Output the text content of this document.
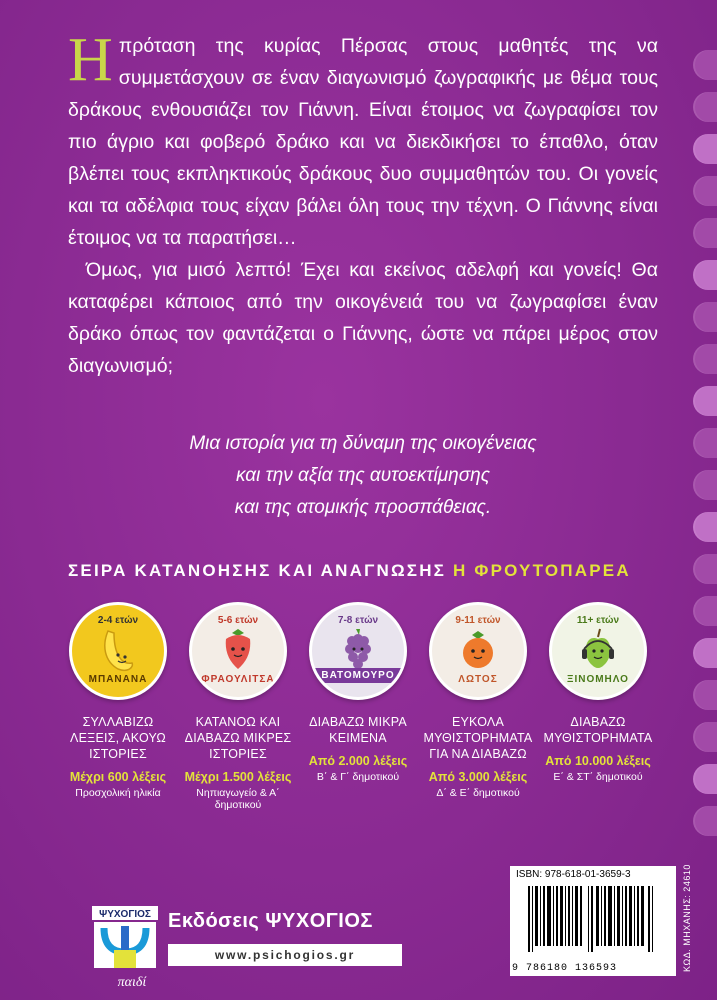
Ηπρόταση της κυρίας Πέρσας στους μαθητές της να συμμετάσχουν σε έναν διαγωνισμό ζωγραφικής με θέμα τους δράκους ενθουσιάζει τον Γιάννη. Είναι έτοιμος να ζωγραφίσει τον πιο άγριο και φοβερό δράκο και να διεκδικήσει το έπαθλο, όταν βλέπει τους εκπληκτικούς δράκους δυο συμμαθητών του. Οι γονείς και τα αδέλφια τους είχαν βάλει όλη τους την τέχνη. Ο Γιάννης είναι έτοιμος να τα παρατήσει…

Όμως, για μισό λεπτό! Έχει και εκείνος αδελφή και γονείς! Θα καταφέρει κάποιος από την οικογένειά του να ζωγραφίσει έναν δράκο όπως τον φαντάζεται ο Γιάννης, ώστε να πάρει μέρος στον διαγωνισμό;

Μια ιστορία για τη δύναμη της οικογένειας
και την αξία της αυτοεκτίμησης
και της ατομικής προσπάθειας.
ΣΕΙΡΑ ΚΑΤΑΝΟΗΣΗΣ ΚΑΙ ΑΝΑΓΝΩΣΗΣ Η ΦΡΟΥΤΟΠΑΡΕΑ
2-4 ετών
ΜΠΑΝΑΝΑ
ΣΥΛΛΑΒΙΖΩ ΛΕΞΕΙΣ, ΑΚΟΥΩ ΙΣΤΟΡΙΕΣ
Μέχρι 600 λέξεις
Προσχολική ηλικία
5-6 ετών
ΦΡΑΟΥΛΙΤΣΑ
ΚΑΤΑΝΟΩ ΚΑΙ ΔΙΑΒΑΖΩ ΜΙΚΡΕΣ ΙΣΤΟΡΙΕΣ
Μέχρι 1.500 λέξεις
Νηπιαγωγείο & Α΄ δημοτικού
7-8 ετών
ΒΑΤΟΜΟΥΡΟ
ΔΙΑΒΑΖΩ ΜΙΚΡΑ ΚΕΙΜΕΝΑ
Από 2.000 λέξεις
Β΄ & Γ΄ δημοτικού
9-11 ετών
ΛΩΤΟΣ
ΕΥΚΟΛΑ ΜΥΘΙΣΤΟΡΗΜΑΤΑ ΓΙΑ ΝΑ ΔΙΑΒΑΖΩ
Από 3.000 λέξεις
Δ΄ & Ε΄ δημοτικού
11+ ετών
ΞΙΝΟΜΗΛΟ
ΔΙΑΒΑΖΩ ΜΥΘΙΣΤΟΡΗΜΑΤΑ
Από 10.000 λέξεις
Ε΄ & ΣΤ΄ δημοτικού
ΨΥΧΟΓΙΟΣ
παιδί
Εκδόσεις ΨΥΧΟΓΙΟΣ
www.psichogios.gr
ISBN: 978-618-01-3659-3
9 786180 136593	ΚΩΔ. ΜΗΧΑΝΗΣ: 24610
